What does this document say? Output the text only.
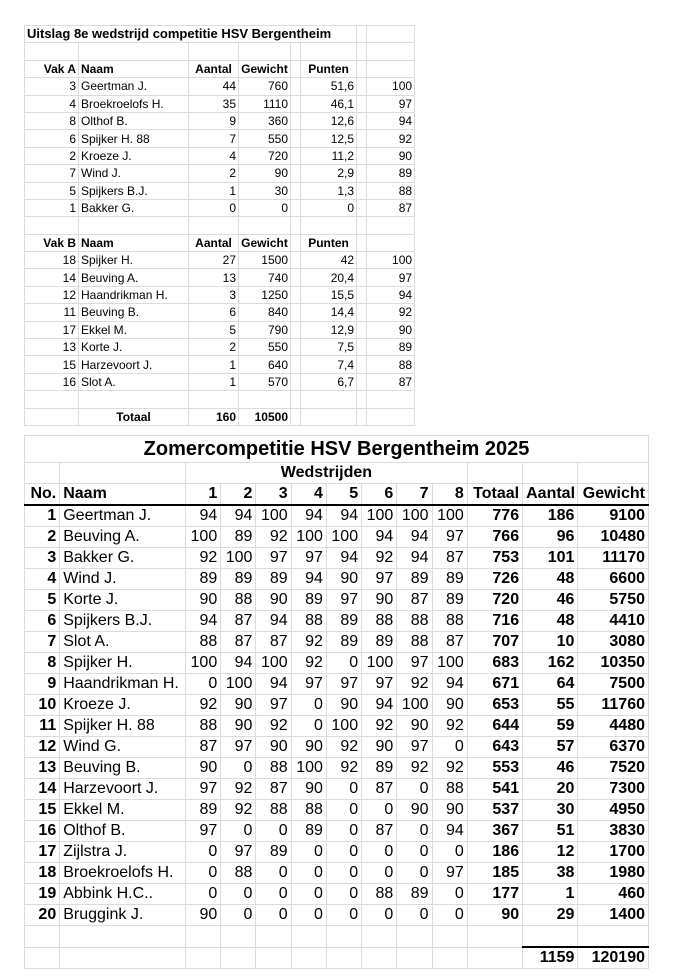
Uitslag 8e wedstrijd competitie HSV Bergentheim							

Vak A	Naam	Aantal	Gewicht		Punten		
3	Geertman J.	44	760		51,6		100
4	Broekroelofs H.	35	1110		46,1		97
8	Olthof B.	9	360		12,6		94
6	Spijker H. 88	7	550		12,5		92
2	Kroeze J.	4	720		11,2		90
7	Wind J.	2	90		2,9		89
5	Spijkers B.J.	1	30		1,3		88
1	Bakker G.	0	0		0		87

Vak B	Naam	Aantal	Gewicht		Punten		
18	Spijker H.	27	1500		42		100
14	Beuving A.	13	740		20,4		97
12	Haandrikman H.	3	1250		15,5		94
11	Beuving B.	6	840		14,4		92
17	Ekkel M.	5	790		12,9		90
13	Korte J.	2	550		7,5		89
15	Harzevoort J.	1	640		7,4		88
16	Slot A.	1	570		6,7		87

	Totaal	160	10500				
Zomercompetitie HSV Bergentheim 2025												
		Wedstrijden										
No.	Naam	1	2	3	4	5	6	7	8	Totaal	Aantal	Gewicht
1	Geertman J.	94	94	100	94	94	100	100	100	776	186	9100
2	Beuving A.	100	89	92	100	100	94	94	97	766	96	10480
3	Bakker G.	92	100	97	97	94	92	94	87	753	101	11170
4	Wind J.	89	89	89	94	90	97	89	89	726	48	6600
5	Korte J.	90	88	90	89	97	90	87	89	720	46	5750
6	Spijkers B.J.	94	87	94	88	89	88	88	88	716	48	4410
7	Slot A.	88	87	87	92	89	89	88	87	707	10	3080
8	Spijker H.	100	94	100	92	0	100	97	100	683	162	10350
9	Haandrikman H.	0	100	94	97	97	97	92	94	671	64	7500
10	Kroeze J.	92	90	97	0	90	94	100	90	653	55	11760
11	Spijker H. 88	88	90	92	0	100	92	90	92	644	59	4480
12	Wind G.	87	97	90	90	92	90	97	0	643	57	6370
13	Beuving B.	90	0	88	100	92	89	92	92	553	46	7520
14	Harzevoort J.	97	92	87	90	0	87	0	88	541	20	7300
15	Ekkel M.	89	92	88	88	0	0	90	90	537	30	4950
16	Olthof B.	97	0	0	89	0	87	0	94	367	51	3830
17	Zijlstra J.	0	97	89	0	0	0	0	0	186	12	1700
18	Broekroelofs H.	0	88	0	0	0	0	0	97	185	38	1980
19	Abbink H.C..	0	0	0	0	0	88	89	0	177	1	460
20	Bruggink J.	90	0	0	0	0	0	0	0	90	29	1400

											1159	120190
